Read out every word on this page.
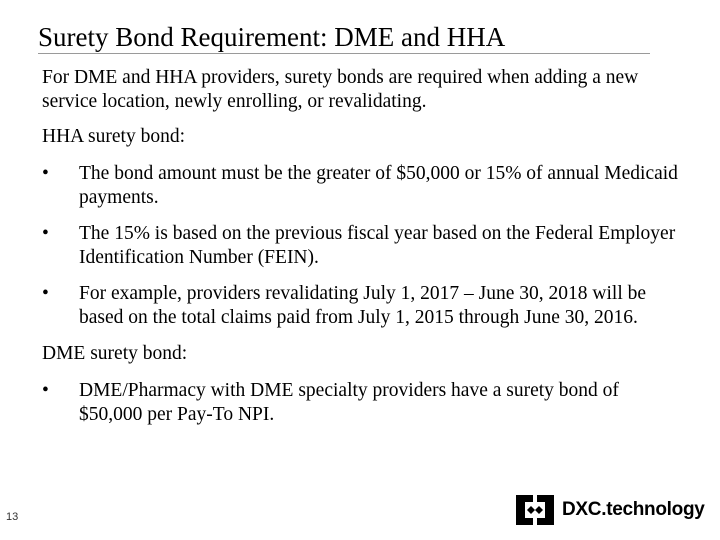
Surety Bond Requirement: DME and HHA

For DME and HHA providers, surety bonds are required when adding a new service location, newly enrolling, or revalidating.

HHA surety bond:

• The bond amount must be the greater of $50,000 or 15% of annual Medicaid payments.
• The 15% is based on the previous fiscal year based on the Federal Employer Identification Number (FEIN).
• For example, providers revalidating July 1, 2017 – June 30, 2018 will be based on the total claims paid from July 1, 2015 through June 30, 2016.

DME surety bond:

• DME/Pharmacy with DME specialty providers have a surety bond of $50,000 per Pay-To NPI.
13	DXC.technology
